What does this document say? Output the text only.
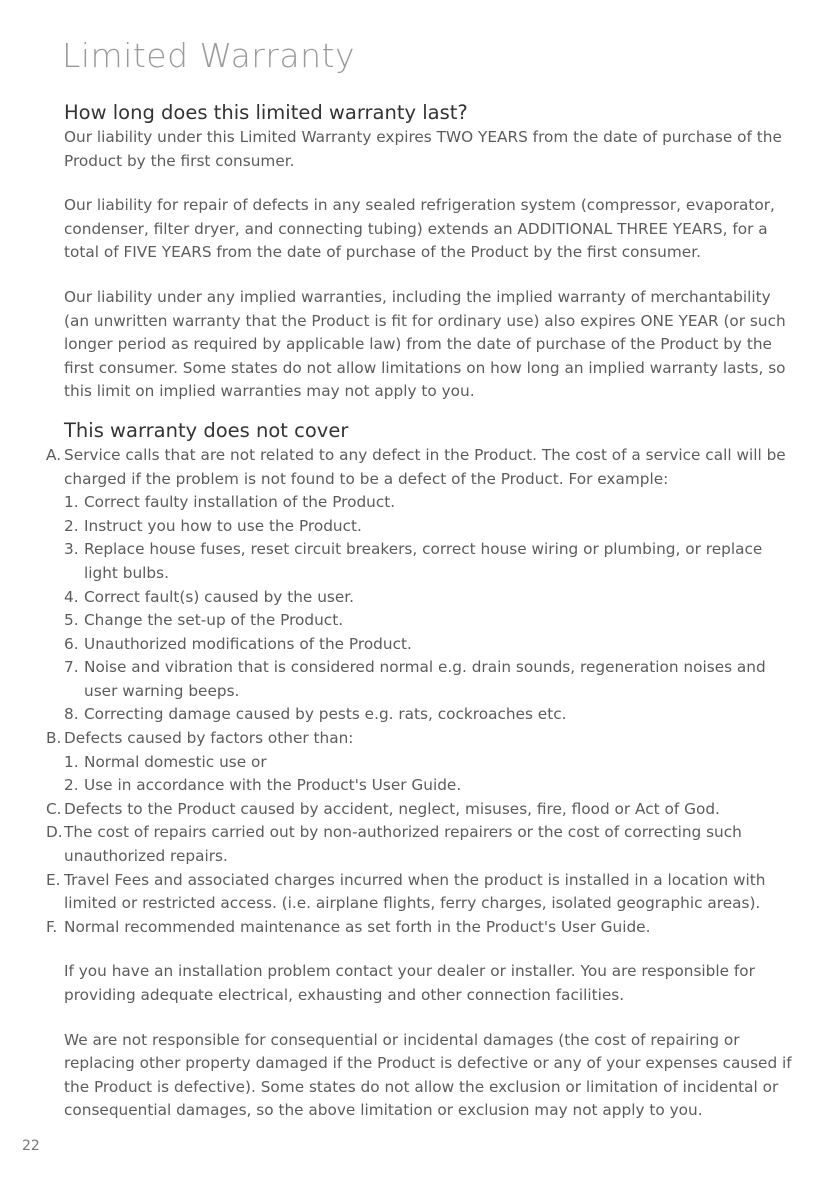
Limited Warranty
How long does this limited warranty last?

Our liability under this Limited Warranty expires TWO YEARS from the date of purchase of the Product by the first consumer.

Our liability for repair of defects in any sealed refrigeration system (compressor, evaporator, condenser, filter dryer, and connecting tubing) extends an ADDITIONAL THREE YEARS, for a total of FIVE YEARS from the date of purchase of the Product by the first consumer.

Our liability under any implied warranties, including the implied warranty of merchantability (an unwritten warranty that the Product is fit for ordinary use) also expires ONE YEAR (or such longer period as required by applicable law) from the date of purchase of the Product by the first consumer. Some states do not allow limitations on how long an implied warranty lasts, so this limit on implied warranties may not apply to you.

This warranty does not cover
A. Service calls that are not related to any defect in the Product. The cost of a service call will be charged if the problem is not found to be a defect of the Product. For example:
1. Correct faulty installation of the Product.
2. Instruct you how to use the Product.
3. Replace house fuses, reset circuit breakers, correct house wiring or plumbing, or replace light bulbs.
4. Correct fault(s) caused by the user.
5. Change the set-up of the Product.
6. Unauthorized modifications of the Product.
7. Noise and vibration that is considered normal e.g. drain sounds, regeneration noises and user warning beeps.
8. Correcting damage caused by pests e.g. rats, cockroaches etc.
B. Defects caused by factors other than:
1. Normal domestic use or
2. Use in accordance with the Product's User Guide.
C. Defects to the Product caused by accident, neglect, misuses, fire, flood or Act of God.
D. The cost of repairs carried out by non-authorized repairers or the cost of correcting such unauthorized repairs.
E. Travel Fees and associated charges incurred when the product is installed in a location with limited or restricted access. (i.e. airplane flights, ferry charges, isolated geographic areas).
F. Normal recommended maintenance as set forth in the Product's User Guide.

If you have an installation problem contact your dealer or installer. You are responsible for providing adequate electrical, exhausting and other connection facilities.

We are not responsible for consequential or incidental damages (the cost of repairing or replacing other property damaged if the Product is defective or any of your expenses caused if the Product is defective). Some states do not allow the exclusion or limitation of incidental or consequential damages, so the above limitation or exclusion may not apply to you.

22
